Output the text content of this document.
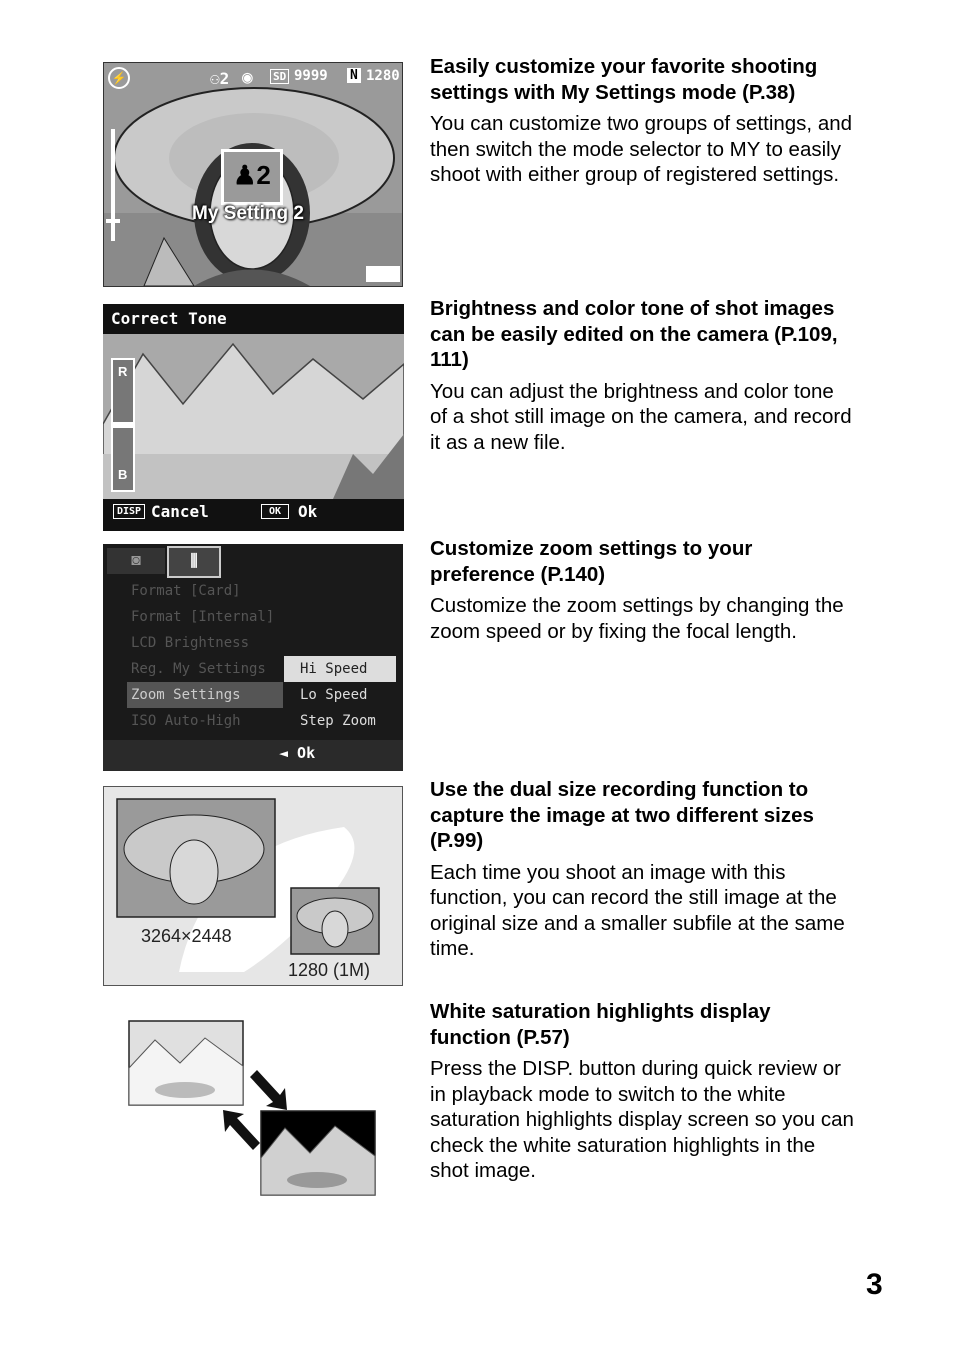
⚡	⚇2 ◉ SD 9999 N 1280
♟2
My Setting 2
Correct Tone
R
B
DISP Cancel	OK	Ok
◙	⫼
Format [Card]
Format [Internal]
LCD Brightness
Reg. My Settings
Zoom Settings
ISO Auto-High
Hi Speed
Lo Speed
Step Zoom
◄ Ok
3264×2448
1280 (1M)
Easily customize your favorite shooting settings with My Settings mode (P.38)

You can customize two groups of settings, and then switch the mode selector to MY to easily shoot with either group of registered settings.

Brightness and color tone of shot images can be easily edited on the camera (P.109, 111)

You can adjust the brightness and color tone of a shot still image on the camera, and record it as a new file.

Customize zoom settings to your preference (P.140)

Customize the zoom settings by changing the zoom speed or by fixing the focal length.

Use the dual size recording function to capture the image at two different sizes (P.99)

Each time you shoot an image with this function, you can record the still image at the original size and a smaller subfile at the same time.

White saturation highlights display function (P.57)

Press the DISP. button during quick review or in playback mode to switch to the white saturation highlights display screen so you can check the white saturation highlights in the shot image.

3
